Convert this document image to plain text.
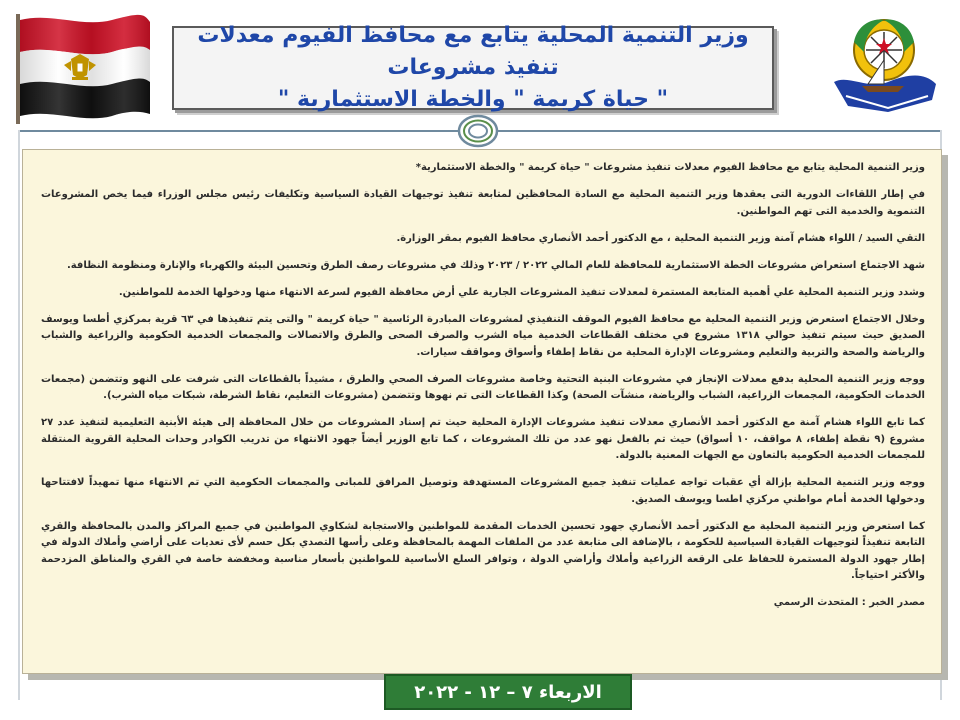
وزير التنمية المحلية يتابع مع محافظ الفيوم معدلات تنفيذ مشروعات
" حياة كريمة " والخطة الاستثمارية "

وزير التنمية المحلية يتابع مع محافظ الفيوم معدلات تنفيذ مشروعات " حياة كريمة " والخطة الاستثمارية*

في إطار اللقاءات الدورية التى يعقدها وزير التنمية المحلية مع السادة المحافظين لمتابعة تنفيذ توجيهات القيادة السياسية وتكليفات رئيس مجلس الوزراء فيما يخص المشروعات التنموية والخدمية التى تهم المواطنين.

التقي السيد / اللواء هشام آمنة وزير التنمية المحلية ، مع الدكتور أحمد الأنصاري محافظ الفيوم بمقر الوزارة.

شهد الاجتماع استعراض مشروعات الخطة الاستثمارية للمحافظة للعام المالي ٢٠٢٢ / ٢٠٢٣ وذلك في مشروعات رصف الطرق وتحسين البيئة والكهرباء والإنارة ومنظومة النظافة.

وشدد وزير التنمية المحلية علي أهمية المتابعة المستمرة لمعدلات تنفيذ المشروعات الجارية علي أرض محافظة الفيوم لسرعة الانتهاء منها ودخولها الخدمة للمواطنين.

وخلال الاجتماع استعرض وزير التنمية المحلية مع محافظ الفيوم الموقف التنفيذي لمشروعات المبادرة الرئاسية " حياة كريمة " والتى يتم تنفيذها في ٦٣ قرية بمركزي أطسا ويوسف الصديق حيث سيتم تنفيذ حوالي ١٣١٨ مشروع في مختلف القطاعات الخدمية مياه الشرب والصرف الصحى والطرق والاتصالات والمجمعات الخدمية الحكومية والزراعية والشباب والرياضة والصحة والتربية والتعليم ومشروعات الإدارة المحلية من نقاط إطفاء وأسواق ومواقف سيارات.

ووجه وزير التنمية المحلية بدفع معدلات الإنجاز في مشروعات البنية التحتية وخاصة مشروعات الصرف الصحي والطرق ، مشيداً بالقطاعات التى شرفت على النهو وتتضمن (مجمعات الخدمات الحكومية، المجمعات الزراعية، الشباب والرياضة، منشآت الصحة) وكذا القطاعات التى تم نهوها وتتضمن (مشروعات التعليم، نقاط الشرطة، شبكات مياه الشرب).

كما تابع اللواء هشام آمنة مع الدكتور أحمد الأنصاري معدلات تنفيذ مشروعات الإدارة المحلية حيث تم إسناد المشروعات من خلال المحافظة إلى هيئة الأبنية التعليمية لتنفيذ عدد ٢٧ مشروع (٩ نقطة إطفاء، ٨ مواقف، ١٠ أسواق) حيث تم بالفعل نهو عدد من تلك المشروعات ، كما تابع الوزير أيضاً جهود الانتهاء من تدريب الكوادر وحدات المحلية القروية المنتقلة للمجمعات الخدمية الحكومية بالتعاون مع الجهات المعنية بالدولة.

ووجه وزير التنمية المحلية بإزالة أي عقبات تواجه عمليات تنفيذ جميع المشروعات المستهدفة وتوصيل المرافق للمبانى والمجمعات الحكومية التي تم الانتهاء منها تمهيداً لافتتاحها ودخولها الخدمة أمام مواطني مركزي اطسا ويوسف الصديق.

كما استعرض وزير التنمية المحلية مع الدكتور أحمد الأنصاري جهود تحسين الخدمات المقدمة للمواطنين والاستجابة لشكاوي المواطنين في جميع المراكز والمدن بالمحافظة والقري التابعة تنفيذاً لتوجيهات القيادة السياسية للحكومة ، بالإضافة الى متابعة عدد من الملفات المهمة بالمحافظة وعلى رأسها التصدي بكل حسم لأى تعديات على أراضي وأملاك الدولة في إطار جهود الدولة المستمرة للحفاظ على الرقعة الزراعية وأملاك وأراضي الدولة ، وتوافر السلع الأساسية للمواطنين بأسعار مناسبة ومخفضة خاصة في القري والمناطق المزدحمة والأكثر احتياجاً.

مصدر الخبر : المتحدث الرسمي

الاربعاء ٧ – ١٢ - ٢٠٢٢
